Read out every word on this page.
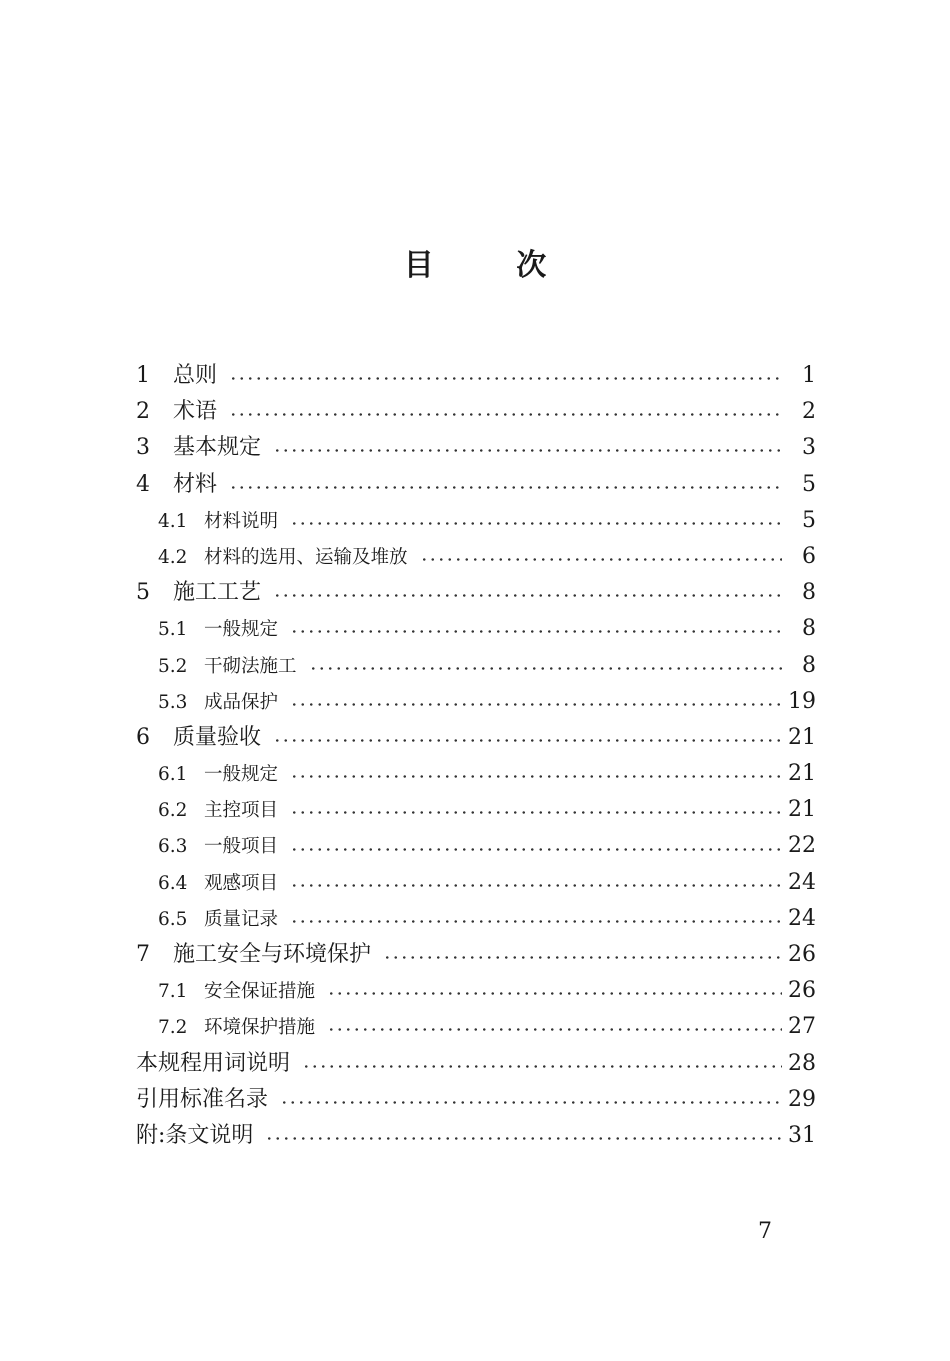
目 次
1	总则	1
2	术语	2
3	基本规定	3
4	材料	5
4.1 材料说明	5
4.2 材料的选用、运输及堆放	6
5	施工工艺	8
5.1 一般规定	8
5.2 干砌法施工	8
5.3 成品保护	19
6	质量验收	21
6.1 一般规定	21
6.2 主控项目	21
6.3 一般项目	22
6.4 观感项目	24
6.5 质量记录	24
7	施工安全与环境保护	26
7.1 安全保证措施	26
7.2 环境保护措施	27
本规程用词说明	28
引用标准名录	29
附:条文说明	31
7
